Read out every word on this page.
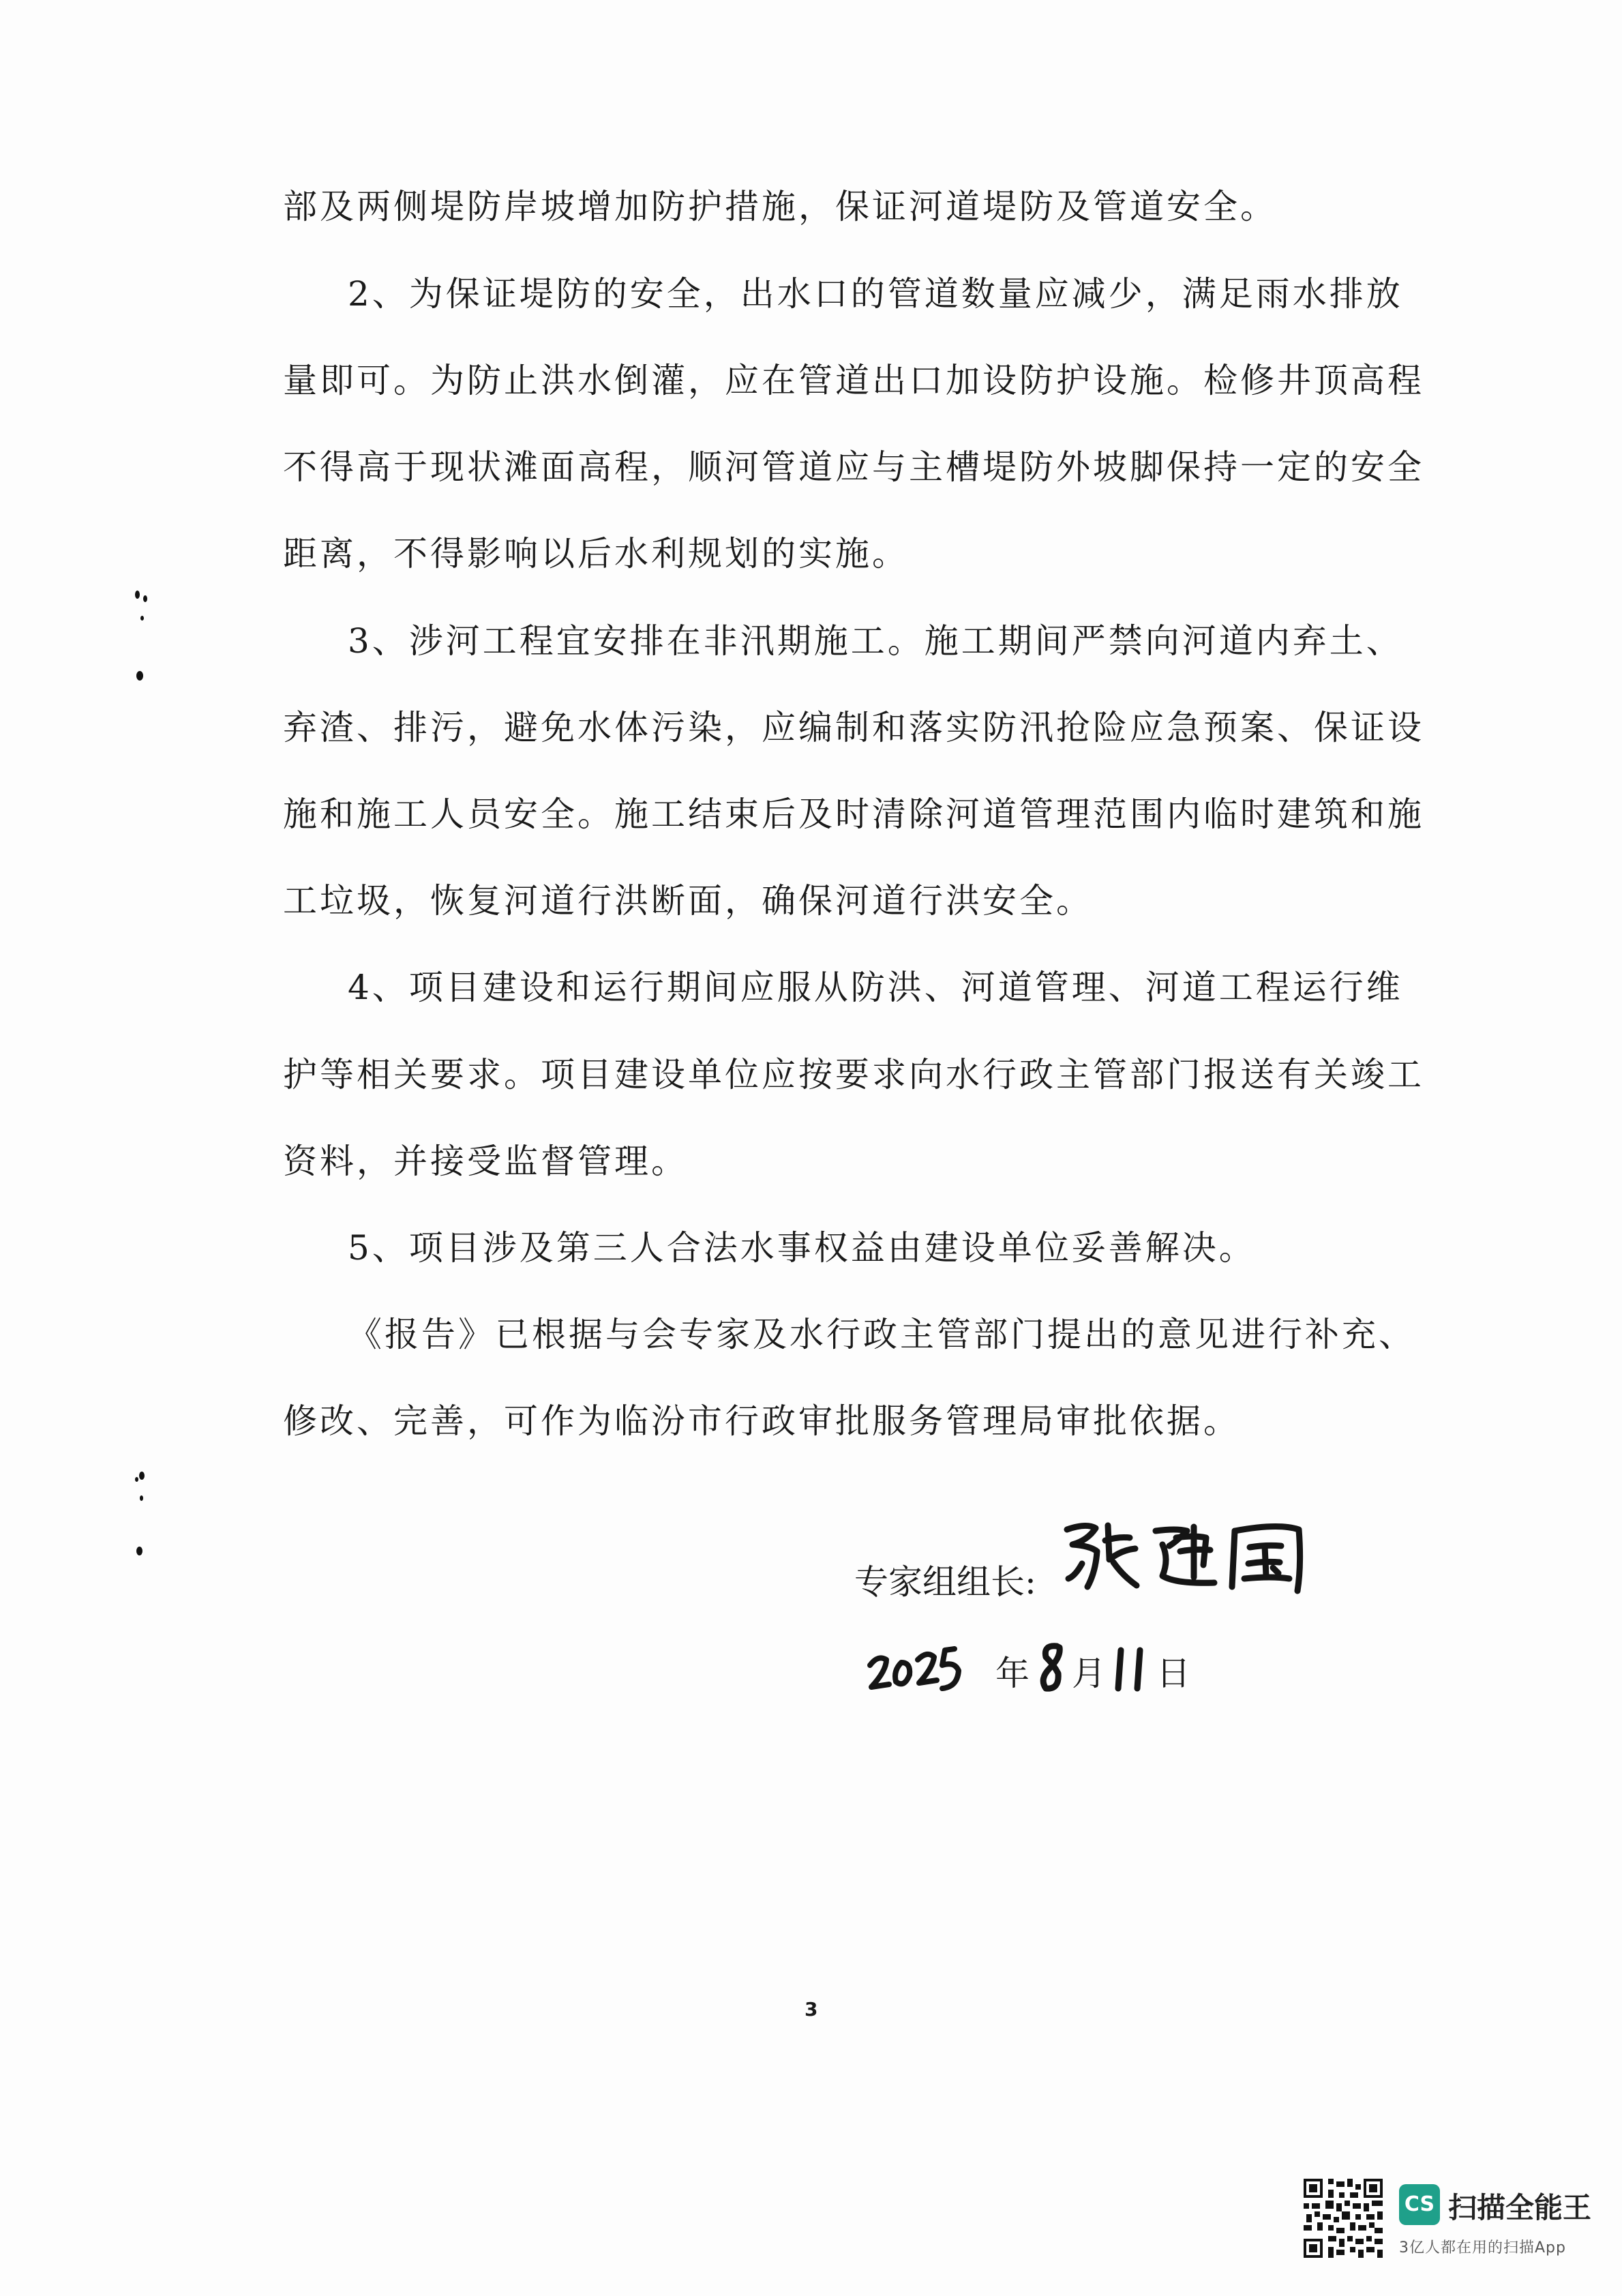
部及两侧堤防岸坡增加防护措施，保证河道堤防及管道安全。
2、为保证堤防的安全，出水口的管道数量应减少，满足雨水排放
量即可。为防止洪水倒灌，应在管道出口加设防护设施。检修井顶高程
不得高于现状滩面高程，顺河管道应与主槽堤防外坡脚保持一定的安全
距离，不得影响以后水利规划的实施。
3、涉河工程宜安排在非汛期施工。施工期间严禁向河道内弃土、
弃渣、排污，避免水体污染，应编制和落实防汛抢险应急预案、保证设
施和施工人员安全。施工结束后及时清除河道管理范围内临时建筑和施
工垃圾，恢复河道行洪断面，确保河道行洪安全。
4、项目建设和运行期间应服从防洪、河道管理、河道工程运行维
护等相关要求。项目建设单位应按要求向水行政主管部门报送有关竣工
资料，并接受监督管理。
5、项目涉及第三人合法水事权益由建设单位妥善解决。
《报告》已根据与会专家及水行政主管部门提出的意见进行补充、
修改、完善，可作为临汾市行政审批服务管理局审批依据。
专家组组长:
年 月 日
3
CS 扫描全能王
3亿人都在用的扫描App
